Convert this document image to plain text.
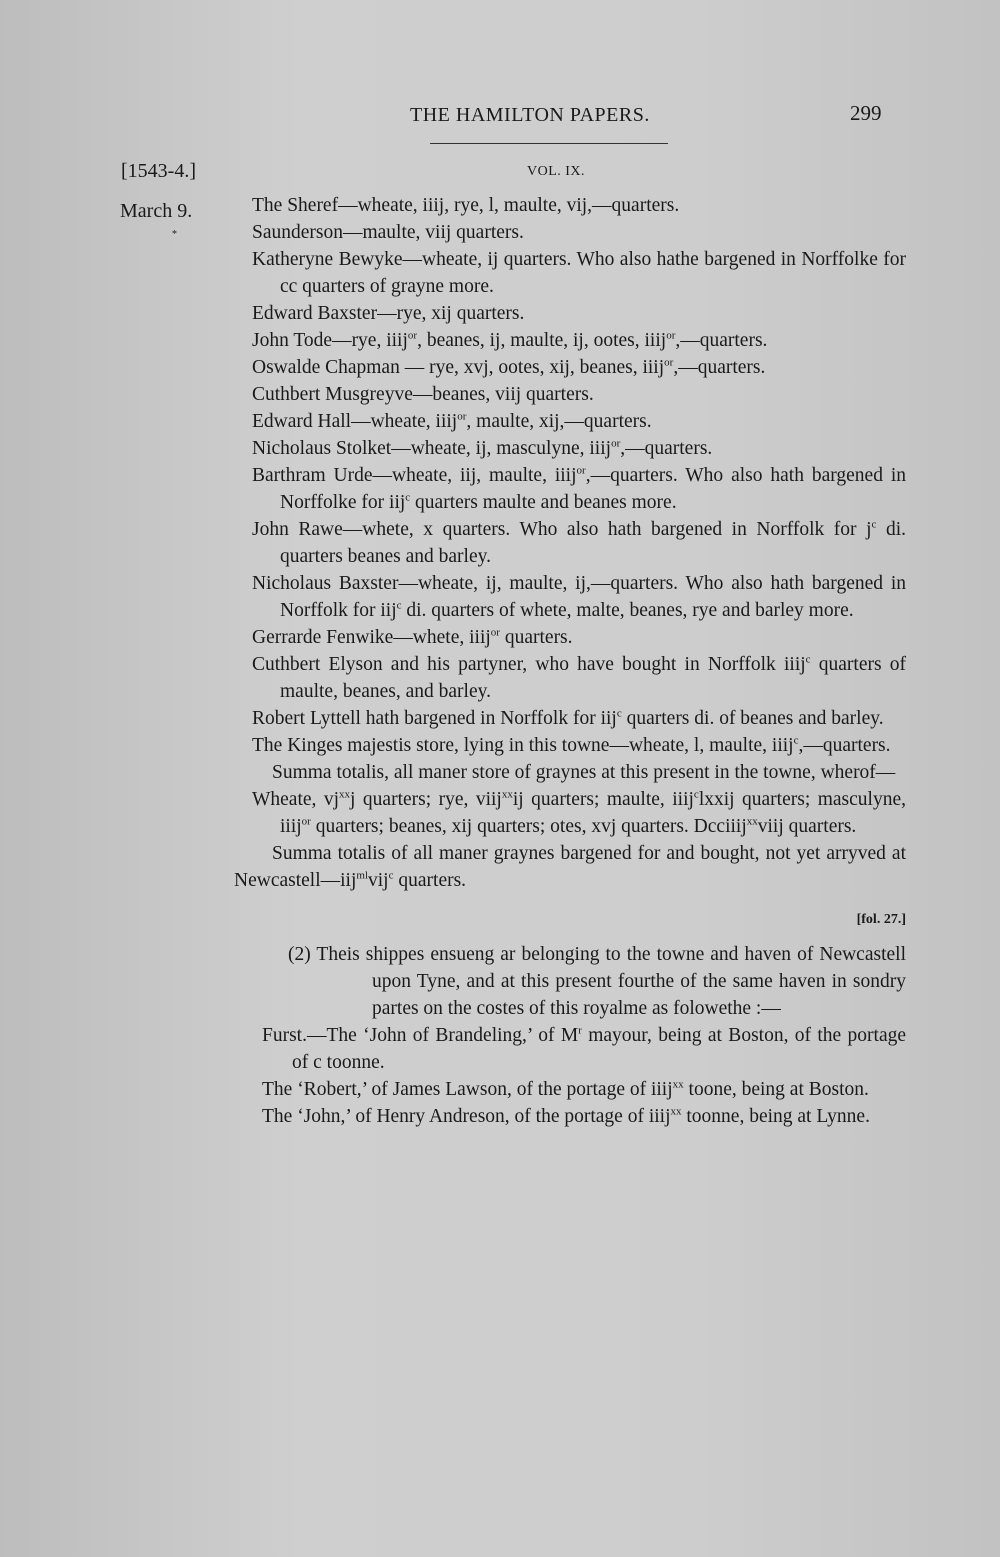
THE HAMILTON PAPERS.	299
[1543-4.]	VOL. IX.
March 9.
*

The Sheref—wheate, iiij, rye, l, maulte, vij,—quarters.

Saunderson—maulte, viij quarters.

Katheryne Bewyke—wheate, ij quarters. Who also hathe bargened in Norffolke for cc quarters of grayne more.

Edward Baxster—rye, xij quarters.

John Tode—rye, iiij$^{or}$, beanes, ij, maulte, ij, ootes, iiij$^{or}$,—quarters.

Oswalde Chapman — rye, xvj, ootes, xij, beanes, iiij$^{or}$,—quarters.

Cuthbert Musgreyve—beanes, viij quarters.

Edward Hall—wheate, iiij$^{or}$, maulte, xij,—quarters.

Nicholaus Stolket—wheate, ij, masculyne, iiij$^{or}$,—quarters.

Barthram Urde—wheate, iij, maulte, iiij$^{or}$,—quarters. Who also hath bargened in Norffolke for iij$^c$ quarters maulte and beanes more.

John Rawe—whete, x quarters. Who also hath bargened in Norffolk for $j^c$ di. quarters beanes and barley.

Nicholaus Baxster—wheate, ij, maulte, ij,—quarters. Who also hath bargened in Norffolk for iij$^c$ di. quarters of whete, malte, beanes, rye and barley more.

Gerrarde Fenwike—whete, iiij$^{or}$ quarters.

Cuthbert Elyson and his partyner, who have bought in Norffolk iiij$^c$ quarters of maulte, beanes, and barley.

Robert Lyttell hath bargened in Norffolk for iij$^c$ quarters di. of beanes and barley.

The Kinges majestis store, lying in this towne—wheate, l, maulte, iiij$^c$,—quarters.

Summa totalis, all maner store of graynes at this present in the towne, wherof—

Wheate, $vj^{xx}j$ quarters; rye, viij$^{xx}$ij quarters; maulte, iiij$^c$lxxij quarters; masculyne, iiij$^{or}$ quarters; beanes, xij quarters; otes, xvj quarters. Dcciiij$^{xx}$viij quarters.

Summa totalis of all maner graynes bargened for and bought, not yet arryved at Newcastell—iij$^{ml}$vij$^c$ quarters.

[fol. 27.]

(2) Theis shippes ensueng ar belonging to the towne and haven of Newcastell upon Tyne, and at this present fourthe of the same haven in sondry partes on the costes of this royalme as folowethe :—

Furst.—The ‘John of Brandeling,’ of $M^r$ mayour, being at Boston, of the portage of c toonne.

The ‘Robert,’ of James Lawson, of the portage of iiij$^{xx}$ toone, being at Boston.

The ‘John,’ of Henry Andreson, of the portage of iiij$^{xx}$ toonne, being at Lynne.
